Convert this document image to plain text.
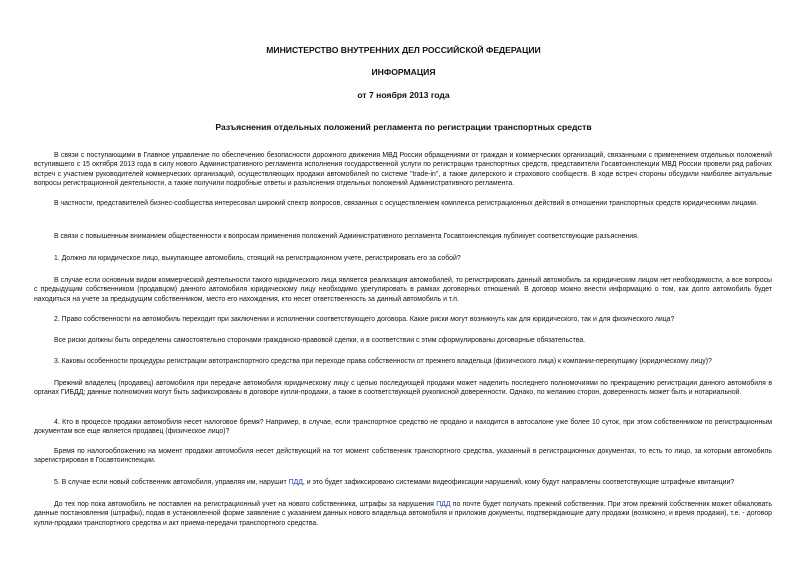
МИНИСТЕРСТВО ВНУТРЕННИХ ДЕЛ РОССИЙСКОЙ ФЕДЕРАЦИИ
ИНФОРМАЦИЯ
от 7 ноября 2013 года
Разъяснения отдельных положений регламента по регистрации транспортных средств

В связи с поступающими в Главное управление по обеспечению безопасности дорожного движения МВД России обращениями от граждан и коммерческих организаций, связанными с применением отдельных положений вступившего с 15 октября 2013 года в силу нового Административного регламента исполнения государственной услуги по регистрации транспортных средств, представители Госавтоинспекции МВД России провели ряд рабочих встреч с участием руководителей коммерческих организаций, осуществляющих продажи автомобилей по системе "trade-in", а также дилерского и страхового сообществ. В ходе встреч стороны обсудили наиболее актуальные вопросы регистрационной деятельности, а также получили подробные ответы и разъяснения отдельных положений Административного регламента.

В частности, представителей бизнес-сообщества интересовал широкий спектр вопросов, связанных с осуществлением комплекса регистрационных действий в отношении транспортных средств юридическими лицами.

В связи с повышенным вниманием общественности к вопросам применения положений Административного регламента Госавтоинспекция публикует соответствующие разъяснения.

1. Должно ли юридическое лицо, выкупающее автомобиль, стоящий на регистрационном учете, регистрировать его за собой?

В случае если основным видом коммерческой деятельности такого юридического лица является реализация автомобилей, то регистрировать данный автомобиль за юридическим лицом нет необходимости, а все вопросы с предыдущим собственником (продавцом) данного автомобиля юридическому лицу необходимо урегулировать в рамках договорных отношений. В договор можно внести информацию о том, как долго автомобиль будет находиться на учете за предыдущим собственником, место его нахождения, кто несет ответственность за данный автомобиль и т.п.

2. Право собственности на автомобиль переходит при заключении и исполнении соответствующего договора. Какие риски могут возникнуть как для юридического, так и для физического лица?

Все риски должны быть определены самостоятельно сторонами гражданско-правовой сделки, и в соответствии с этим сформулированы договорные обязательства.

3. Каковы особенности процедуры регистрации автотранспортного средства при переходе права собственности от прежнего владельца (физического лица) к компании-перекупщику (юридическому лицу)?

Прежний владелец (продавец) автомобиля при передаче автомобиля юридическому лицу с целью последующей продажи может наделить последнего полномочиями по прекращению регистрации данного автомобиля в органах ГИБДД; данные полномочия могут быть зафиксированы в договоре купли-продажи, а также в соответствующей рукописной доверенности. Однако, по желанию сторон, доверенность может быть и нотариальной.

4. Кто в процессе продажи автомобиля несет налоговое бремя? Например, в случае, если транспортное средство не продано и находится в автосалоне уже более 10 суток, при этом собственником по регистрационным документам все еще является продавец (физическое лицо)?

Бремя по налогообложению на момент продажи автомобиля несет действующий на тот момент собственник транспортного средства, указанный в регистрационных документах, то есть то лицо, за которым автомобиль зарегистрирован в Госавтоинспекции.

5. В случае если новый собственник автомобиля, управляя им, нарушит ПДД, и это будет зафиксировано системами видеофиксации нарушений, кому будут направлены соответствующие штрафные квитанции?

До тех пор пока автомобиль не поставлен на регистрационный учет на нового собственника, штрафы за нарушения ПДД по почте будет получать прежний собственник. При этом прежний собственник может обжаловать данные постановления (штрафы), подав в установленной форме заявление с указанием данных нового владельца автомобиля и приложив документы, подтверждающие дату продажи (возможно, и время продажи), т.е. - договор купли-продажи транспортного средства и акт приема-передачи транспортного средства.
